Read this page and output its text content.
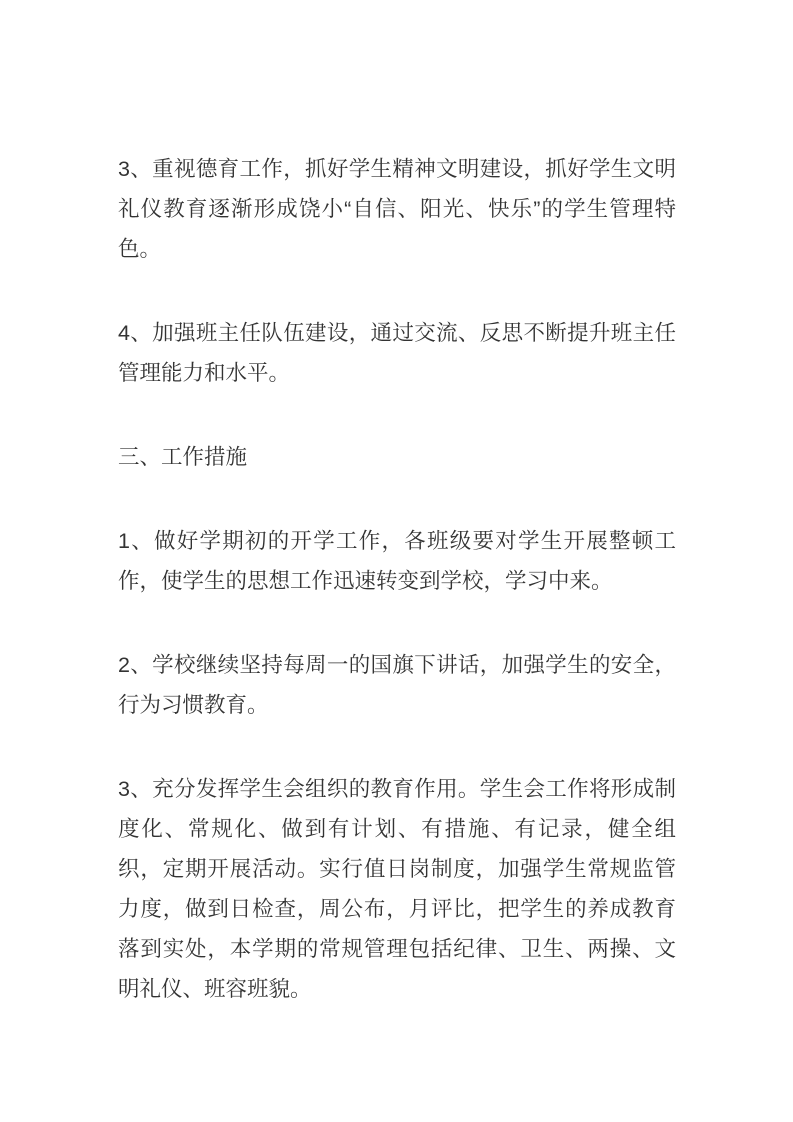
3、重视德育工作，抓好学生精神文明建设，抓好学生文明礼仪教育逐渐形成饶小“自信、阳光、快乐”的学生管理特色。

4、加强班主任队伍建设，通过交流、反思不断提升班主任管理能力和水平。

三、工作措施

1、做好学期初的开学工作，各班级要对学生开展整顿工作，使学生的思想工作迅速转变到学校，学习中来。

2、学校继续坚持每周一的国旗下讲话，加强学生的安全，行为习惯教育。

3、充分发挥学生会组织的教育作用。学生会工作将形成制度化、常规化、做到有计划、有措施、有记录，健全组织，定期开展活动。实行值日岗制度，加强学生常规监管力度，做到日检查，周公布，月评比，把学生的养成教育落到实处，本学期的常规管理包括纪律、卫生、两操、文明礼仪、班容班貌。
